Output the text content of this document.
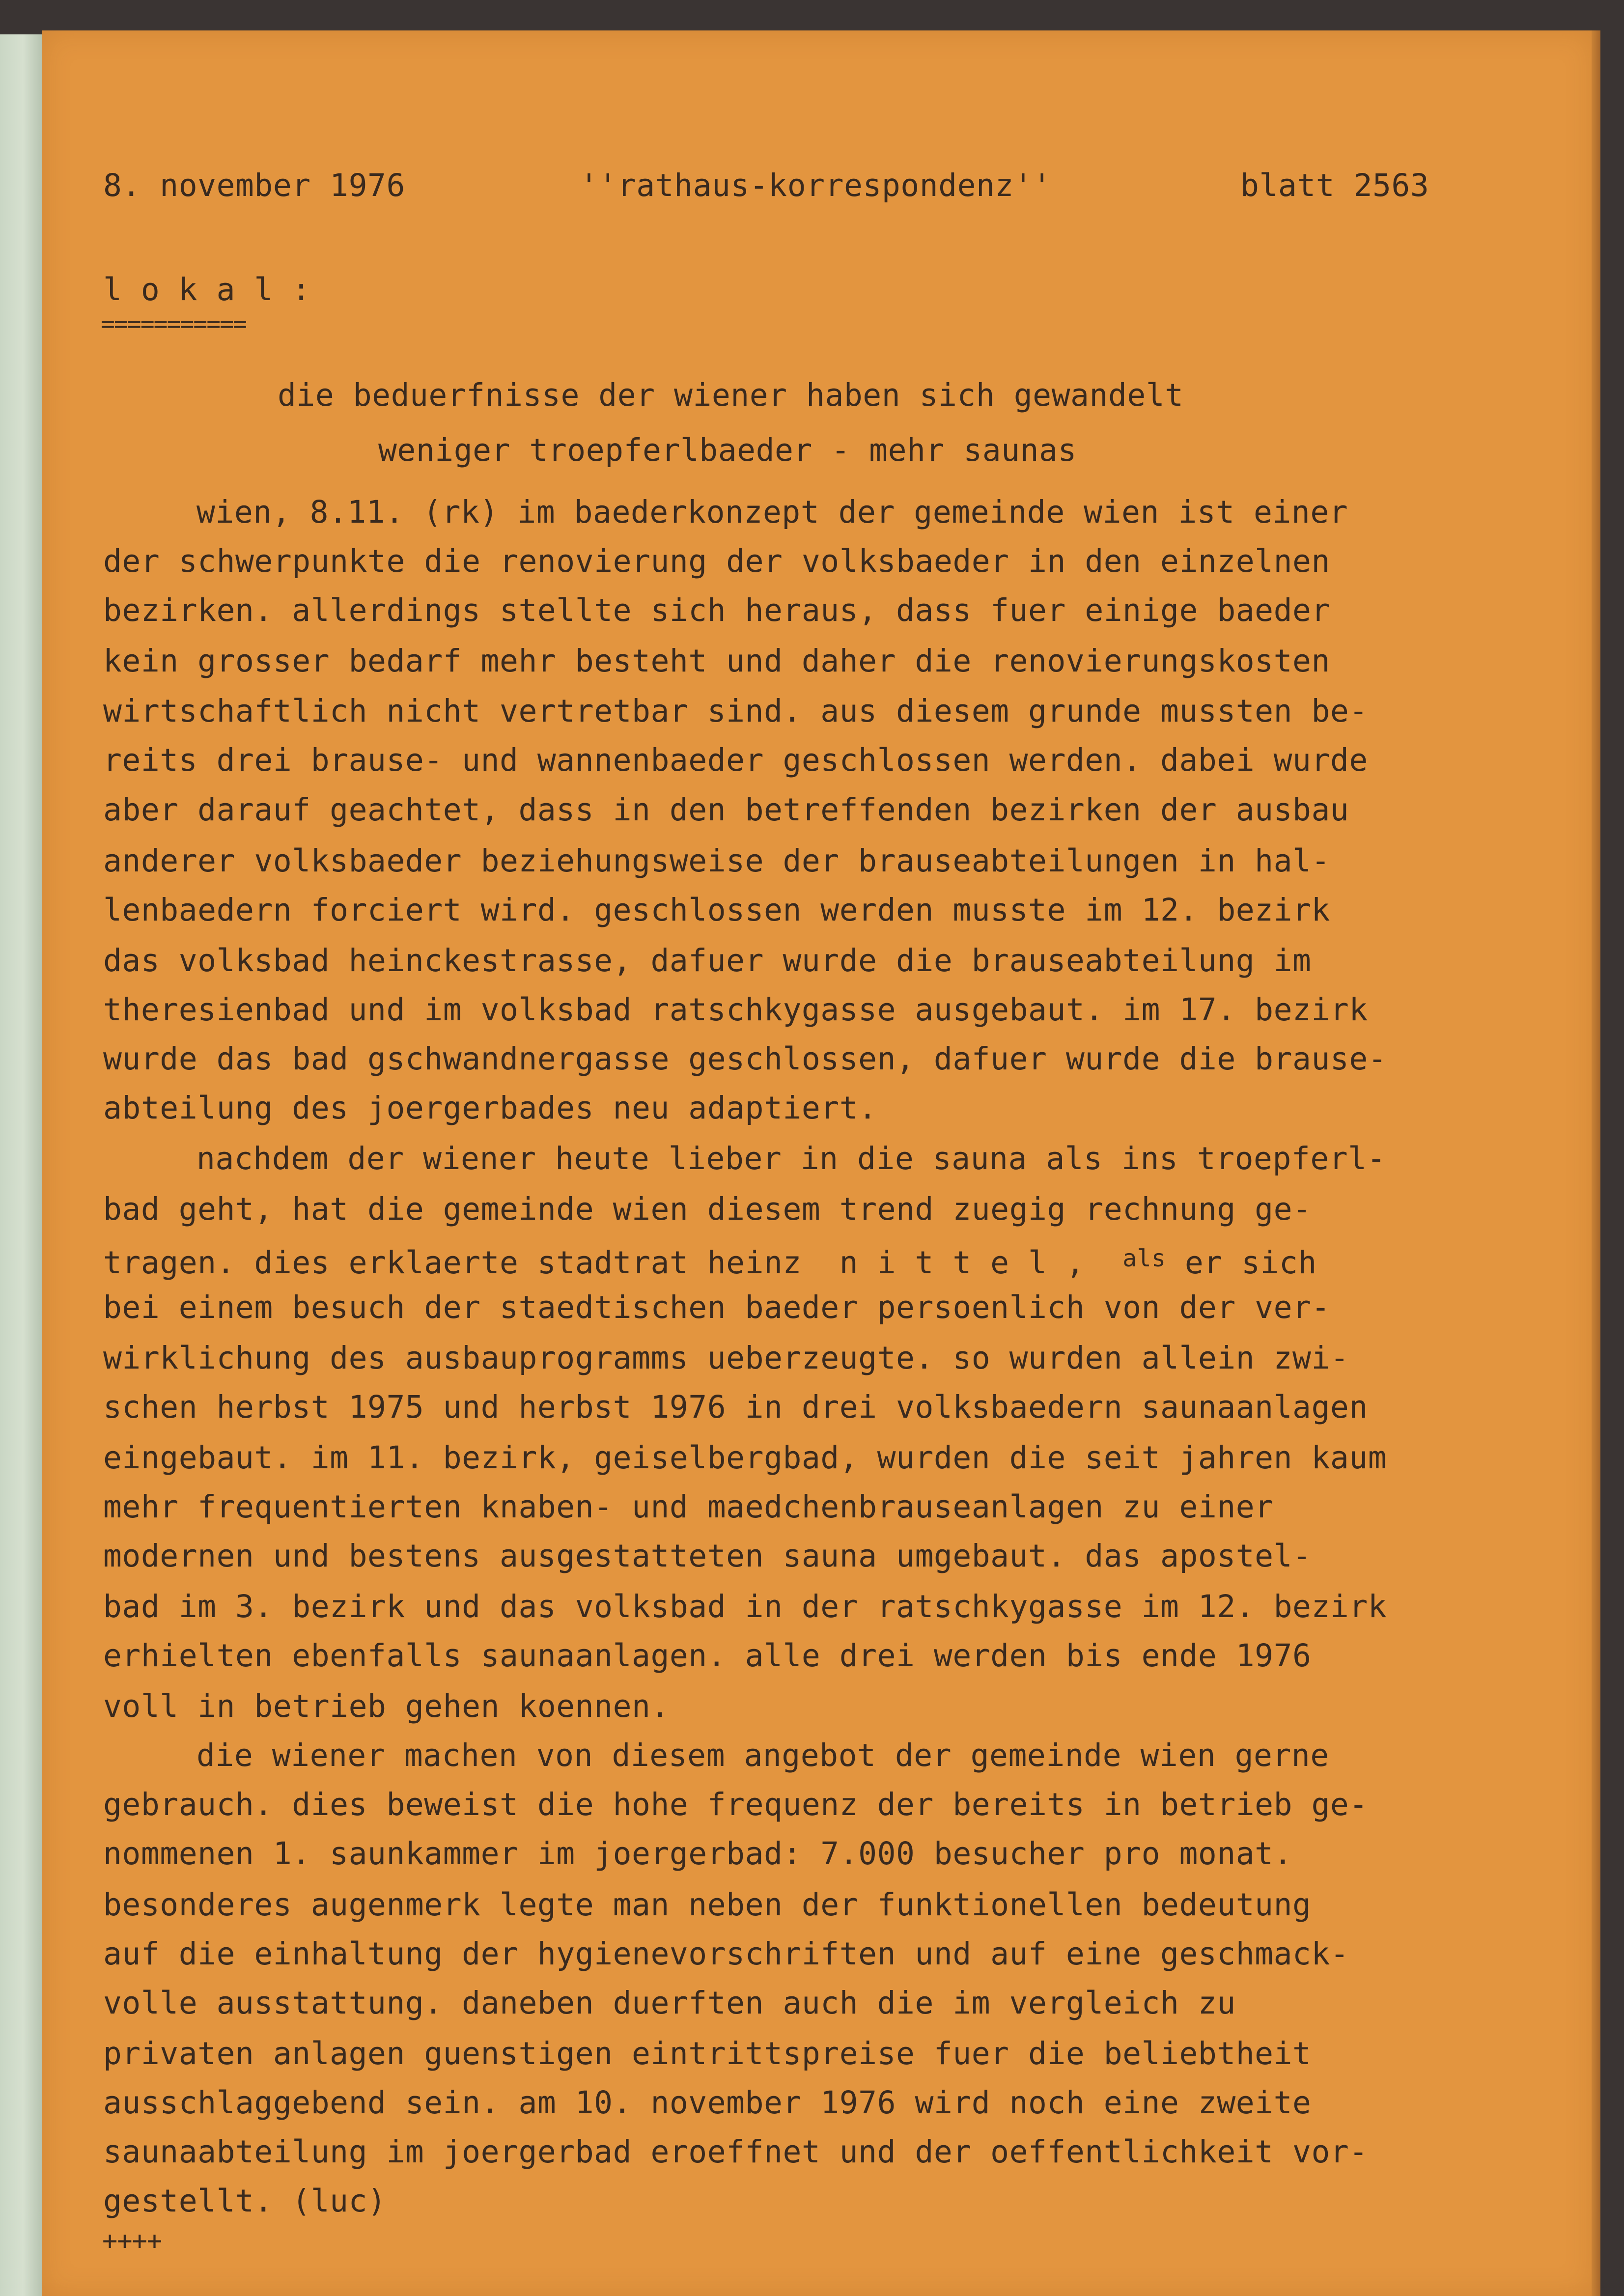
8. november 1976	''rathaus-korrespondenz''	blatt 2563
l o k a l :
===========
die beduerfnisse der wiener haben sich gewandelt
weniger troepferlbaeder - mehr saunas
wien, 8.11. (rk) im baederkonzept der gemeinde wien ist einer
der schwerpunkte die renovierung der volksbaeder in den einzelnen
bezirken. allerdings stellte sich heraus, dass fuer einige baeder
kein grosser bedarf mehr besteht und daher die renovierungskosten
wirtschaftlich nicht vertretbar sind. aus diesem grunde mussten be-
reits drei brause- und wannenbaeder geschlossen werden. dabei wurde
aber darauf geachtet, dass in den betreffenden bezirken der ausbau
anderer volksbaeder beziehungsweise der brauseabteilungen in hal-
lenbaedern forciert wird. geschlossen werden musste im 12. bezirk
das volksbad heinckestrasse, dafuer wurde die brauseabteilung im
theresienbad und im volksbad ratschkygasse ausgebaut. im 17. bezirk
wurde das bad gschwandnergasse geschlossen, dafuer wurde die brause-
abteilung des joergerbades neu adaptiert.
nachdem der wiener heute lieber in die sauna als ins troepferl-
bad geht, hat die gemeinde wien diesem trend zuegig rechnung ge-
tragen. dies erklaerte stadtrat heinz  n i t t e l , $^{als}$ er sich
bei einem besuch der staedtischen baeder persoenlich von der ver-
wirklichung des ausbauprogramms ueberzeugte. so wurden allein zwi-
schen herbst 1975 und herbst 1976 in drei volksbaedern saunaanlagen
eingebaut. im 11. bezirk, geiselbergbad, wurden die seit jahren kaum
mehr frequentierten knaben- und maedchenbrauseanlagen zu einer
modernen und bestens ausgestatteten sauna umgebaut. das apostel-
bad im 3. bezirk und das volksbad in der ratschkygasse im 12. bezirk
erhielten ebenfalls saunaanlagen. alle drei werden bis ende 1976
voll in betrieb gehen koennen.
die wiener machen von diesem angebot der gemeinde wien gerne
gebrauch. dies beweist die hohe frequenz der bereits in betrieb ge-
nommenen 1. saunkammer im joergerbad: 7.000 besucher pro monat.
besonderes augenmerk legte man neben der funktionellen bedeutung
auf die einhaltung der hygienevorschriften und auf eine geschmack-
volle ausstattung. daneben duerften auch die im vergleich zu
privaten anlagen guenstigen eintrittspreise fuer die beliebtheit
ausschlaggebend sein. am 10. november 1976 wird noch eine zweite
saunaabteilung im joergerbad eroeffnet und der oeffentlichkeit vor-
gestellt. (luc)
++++
